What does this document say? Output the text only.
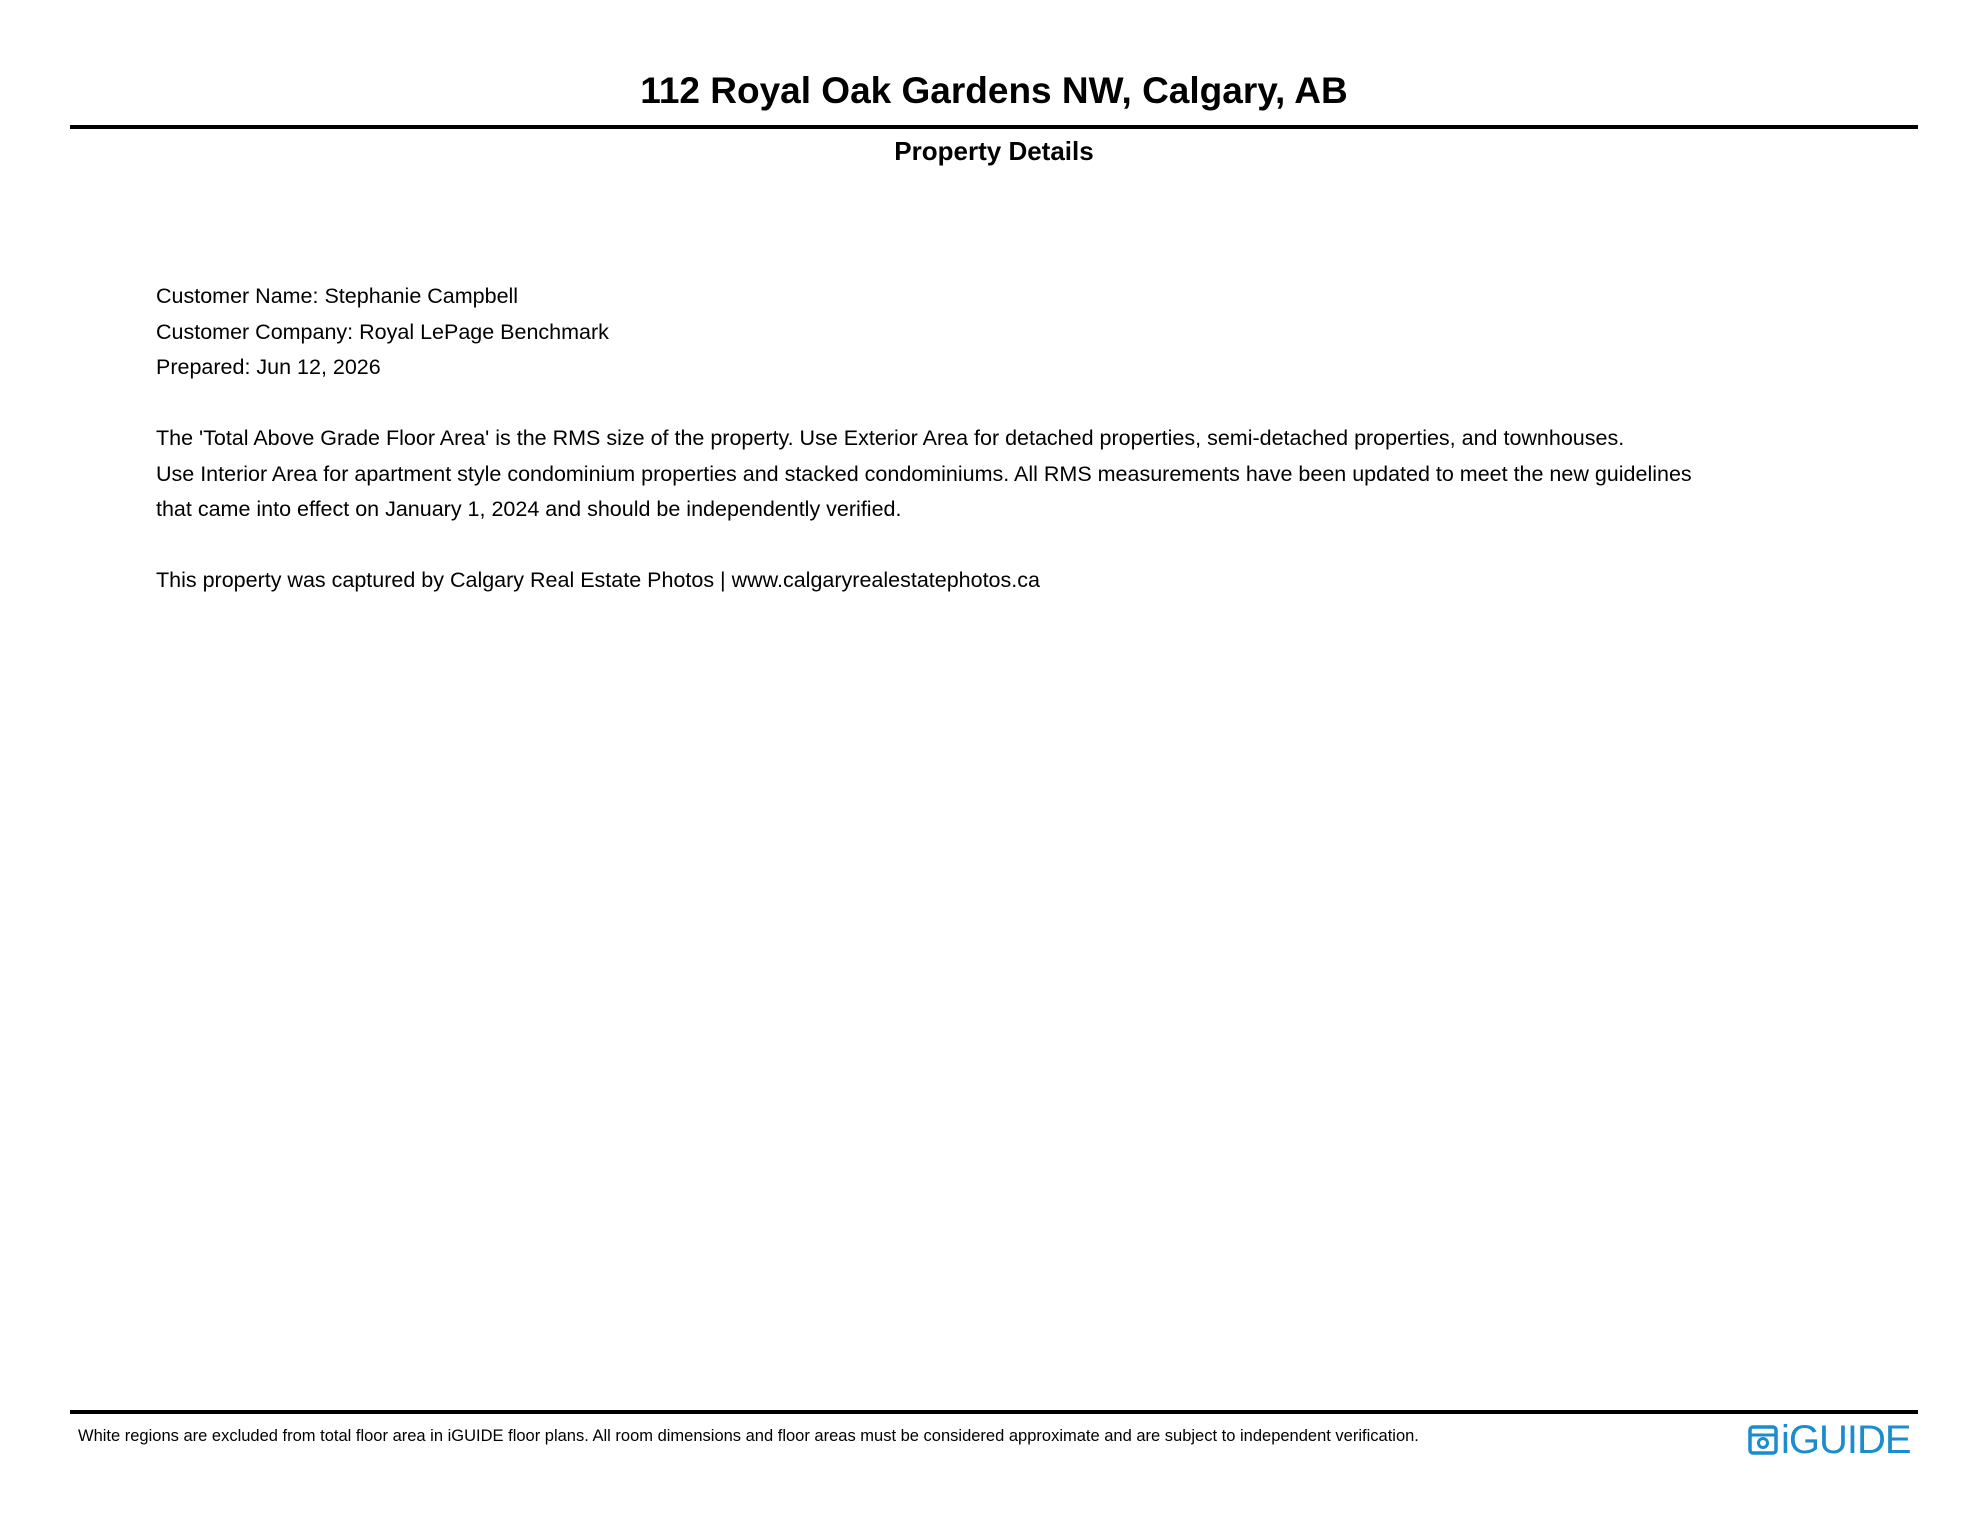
112 Royal Oak Gardens NW, Calgary, AB
Property Details
Customer Name: Stephanie Campbell
Customer Company: Royal LePage Benchmark
Prepared: Jun 12, 2026
The 'Total Above Grade Floor Area' is the RMS size of the property. Use Exterior Area for detached properties, semi-detached properties, and townhouses.
Use Interior Area for apartment style condominium properties and stacked condominiums. All RMS measurements have been updated to meet the new guidelines
that came into effect on January 1, 2024 and should be independently verified.
This property was captured by Calgary Real Estate Photos | www.calgaryrealestatephotos.ca
White regions are excluded from total floor area in iGUIDE floor plans. All room dimensions and floor areas must be considered approximate and are subject to independent verification.	iGUIDE
